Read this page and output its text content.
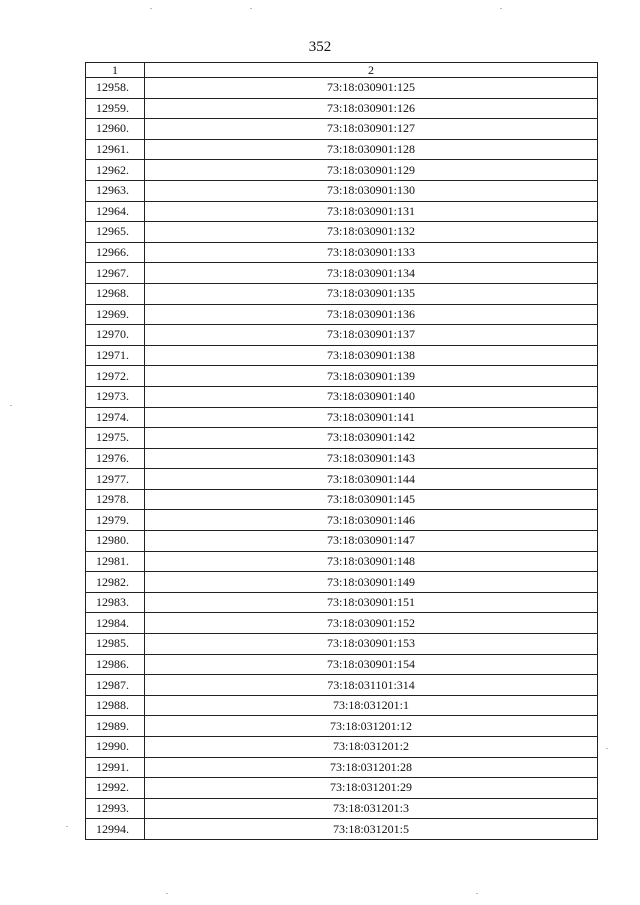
352
1	2
12958.	73:18:030901:125
12959.	73:18:030901:126
12960.	73:18:030901:127
12961.	73:18:030901:128
12962.	73:18:030901:129
12963.	73:18:030901:130
12964.	73:18:030901:131
12965.	73:18:030901:132
12966.	73:18:030901:133
12967.	73:18:030901:134
12968.	73:18:030901:135
12969.	73:18:030901:136
12970.	73:18:030901:137
12971.	73:18:030901:138
12972.	73:18:030901:139
12973.	73:18:030901:140
12974.	73:18:030901:141
12975.	73:18:030901:142
12976.	73:18:030901:143
12977.	73:18:030901:144
12978.	73:18:030901:145
12979.	73:18:030901:146
12980.	73:18:030901:147
12981.	73:18:030901:148
12982.	73:18:030901:149
12983.	73:18:030901:151
12984.	73:18:030901:152
12985.	73:18:030901:153
12986.	73:18:030901:154
12987.	73:18:031101:314
12988.	73:18:031201:1
12989.	73:18:031201:12
12990.	73:18:031201:2
12991.	73:18:031201:28
12992.	73:18:031201:29
12993.	73:18:031201:3
12994.	73:18:031201:5
